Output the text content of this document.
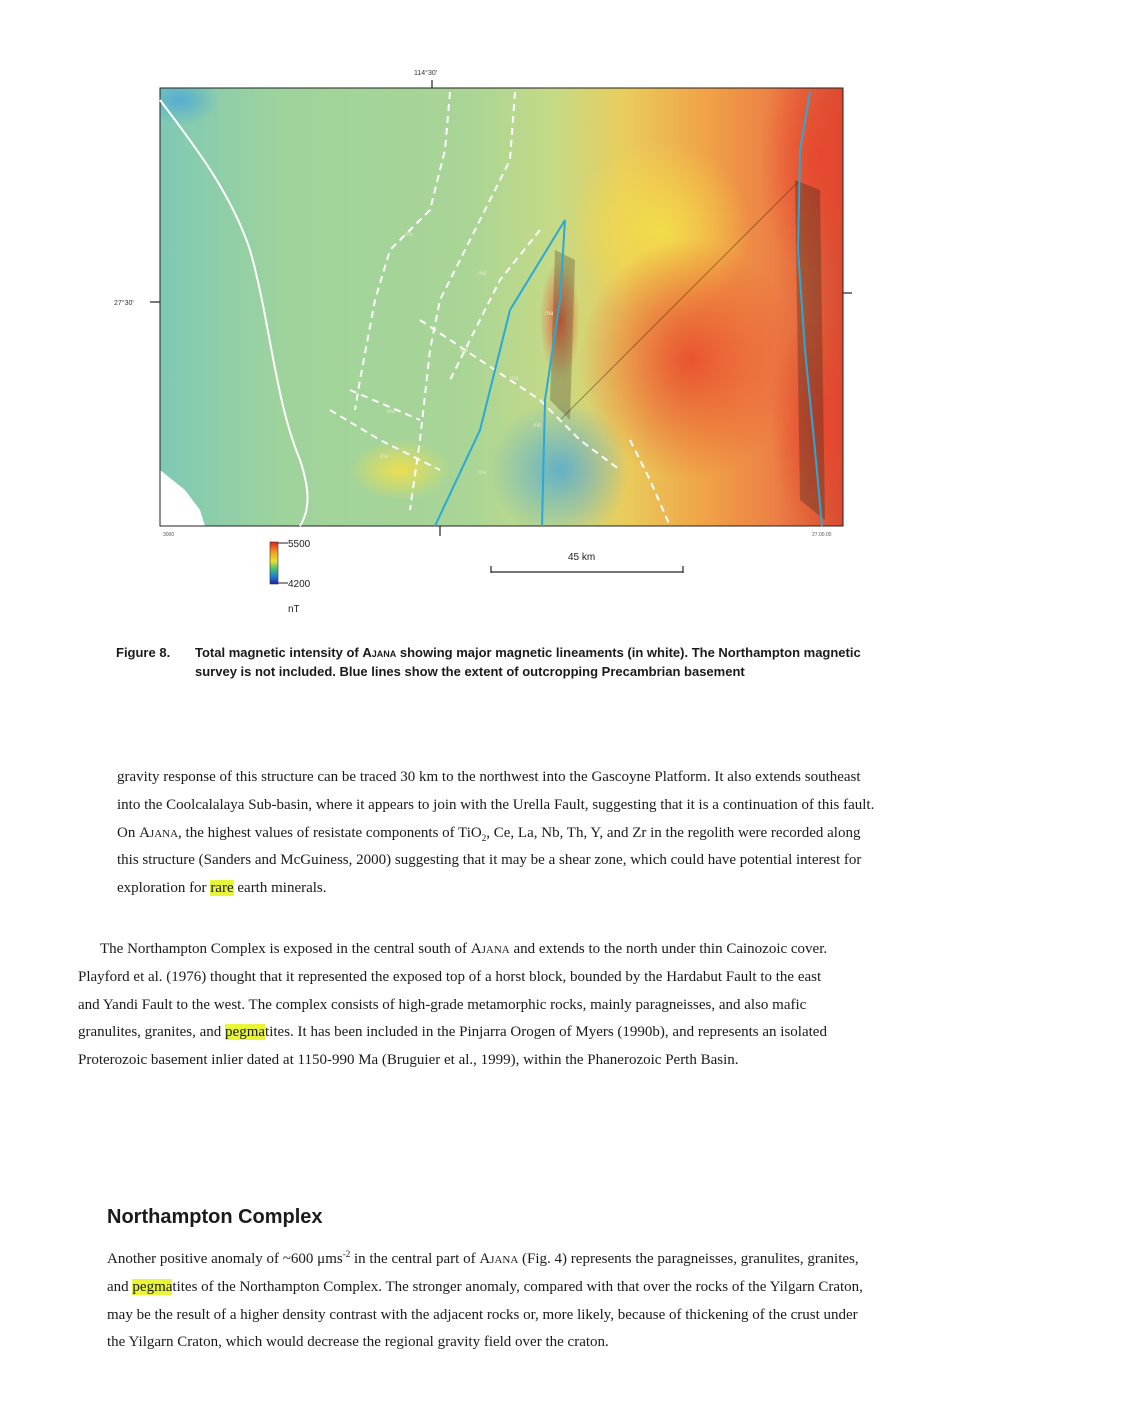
mc
md
ma
mb
ma
ma
ma
mb
ma
114°30'
27°30'
3000	27.00.00
5500
4200
nT
45 km
Figure 8. Total magnetic intensity of Ajana showing major magnetic lineaments (in white). The Northampton magnetic survey is not included. Blue lines show the extent of outcropping Precambrian basement

gravity response of this structure can be traced 30 km to the northwest into the Gascoyne Platform. It also extends southeast into the Coolcalalaya Sub-basin, where it appears to join with the Urella Fault, suggesting that it is a continuation of this fault. On Ajana, the highest values of resistate components of TiO$_2$, Ce, La, Nb, Th, Y, and Zr in the regolith were recorded along this structure (Sanders and McGuiness, 2000) suggesting that it may be a shear zone, which could have potential interest for exploration for rare earth minerals.

The Northampton Complex is exposed in the central south of Ajana and extends to the north under thin Cainozoic cover. Playford et al. (1976) thought that it represented the exposed top of a horst block, bounded by the Hardabut Fault to the east and Yandi Fault to the west. The complex consists of high-grade metamorphic rocks, mainly paragneisses, and also mafic granulites, granites, and pegmatites. It has been included in the Pinjarra Orogen of Myers (1990b), and represents an isolated Proterozoic basement inlier dated at 1150-990 Ma (Bruguier et al., 1999), within the Phanerozoic Perth Basin.

Northampton Complex

Another positive anomaly of ~600 μms$^{-2}$ in the central part of Ajana (Fig. 4) represents the paragneisses, granulites, granites, and pegmatites of the Northampton Complex. The stronger anomaly, compared with that over the rocks of the Yilgarn Craton, may be the result of a higher density contrast with the adjacent rocks or, more likely, because of thickening of the crust under the Yilgarn Craton, which would decrease the regional gravity field over the craton.
